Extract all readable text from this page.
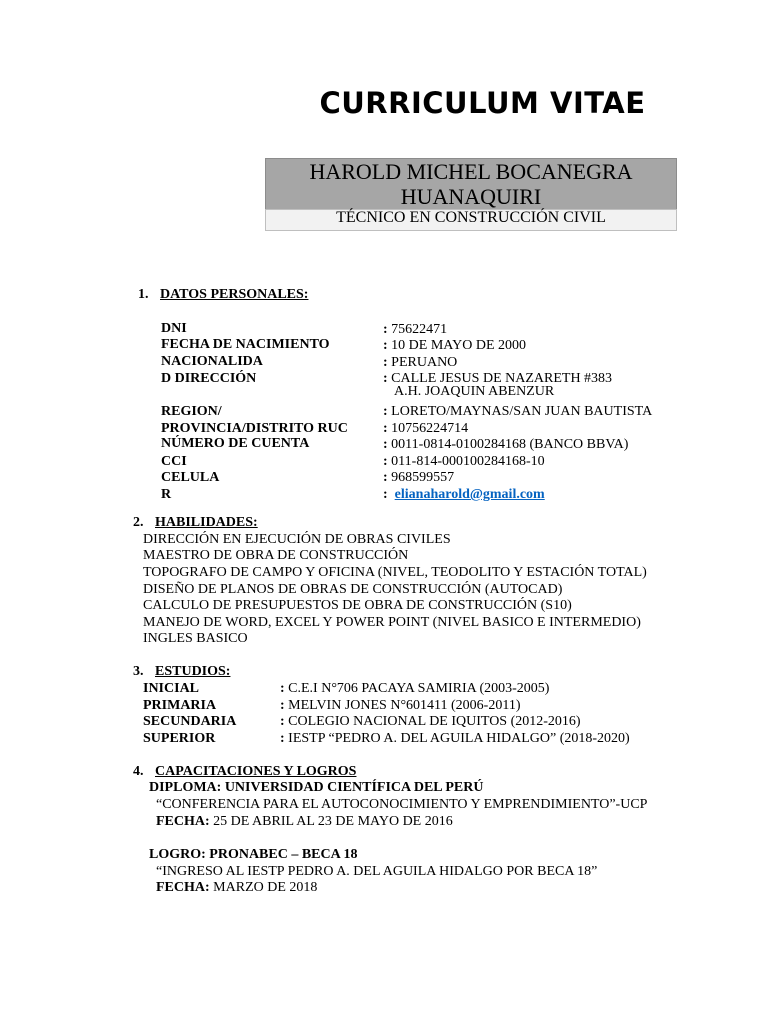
CURRICULUM VITAE
HAROLD MICHEL BOCANEGRA
HUANAQUIRI
TÉCNICO EN CONSTRUCCIÓN CIVIL
1. DATOS PERSONALES:
DNI	: 75622471
FECHA DE NACIMIENTO	: 10 DE MAYO DE 2000
NACIONALIDA	: PERUANO
D DIRECCIÓN	: CALLE JESUS DE NAZARETH #383
A.H. JOAQUIN ABENZUR
REGION/	: LORETO/MAYNAS/SAN JUAN BAUTISTA
PROVINCIA/DISTRITO RUC	: 10756224714
NÚMERO DE CUENTA	: 0011-0814-0100284168 (BANCO BBVA)
CCI	: 011-814-000100284168-10
CELULA	: 968599557
R	: elianaharold@gmail.com
2. HABILIDADES:
DIRECCIÓN EN EJECUCIÓN DE OBRAS CIVILES
MAESTRO DE OBRA DE CONSTRUCCIÓN
TOPOGRAFO DE CAMPO Y OFICINA (NIVEL, TEODOLITO Y ESTACIÓN TOTAL)
DISEÑO DE PLANOS DE OBRAS DE CONSTRUCCIÓN (AUTOCAD)
CALCULO DE PRESUPUESTOS DE OBRA DE CONSTRUCCIÓN (S10)
MANEJO DE WORD, EXCEL Y POWER POINT (NIVEL BASICO E INTERMEDIO)
INGLES BASICO
3. ESTUDIOS:
INICIAL	: C.E.I N°706 PACAYA SAMIRIA (2003-2005)
PRIMARIA	: MELVIN JONES N°601411 (2006-2011)
SECUNDARIA	: COLEGIO NACIONAL DE IQUITOS (2012-2016)
SUPERIOR	: IESTP “PEDRO A. DEL AGUILA HIDALGO” (2018-2020)
4. CAPACITACIONES Y LOGROS
DIPLOMA: UNIVERSIDAD CIENTÍFICA DEL PERÚ
“CONFERENCIA PARA EL AUTOCONOCIMIENTO Y EMPRENDIMIENTO”-UCP
FECHA: 25 DE ABRIL AL 23 DE MAYO DE 2016
LOGRO: PRONABEC – BECA 18
“INGRESO AL IESTP PEDRO A. DEL AGUILA HIDALGO POR BECA 18”
FECHA: MARZO DE 2018
